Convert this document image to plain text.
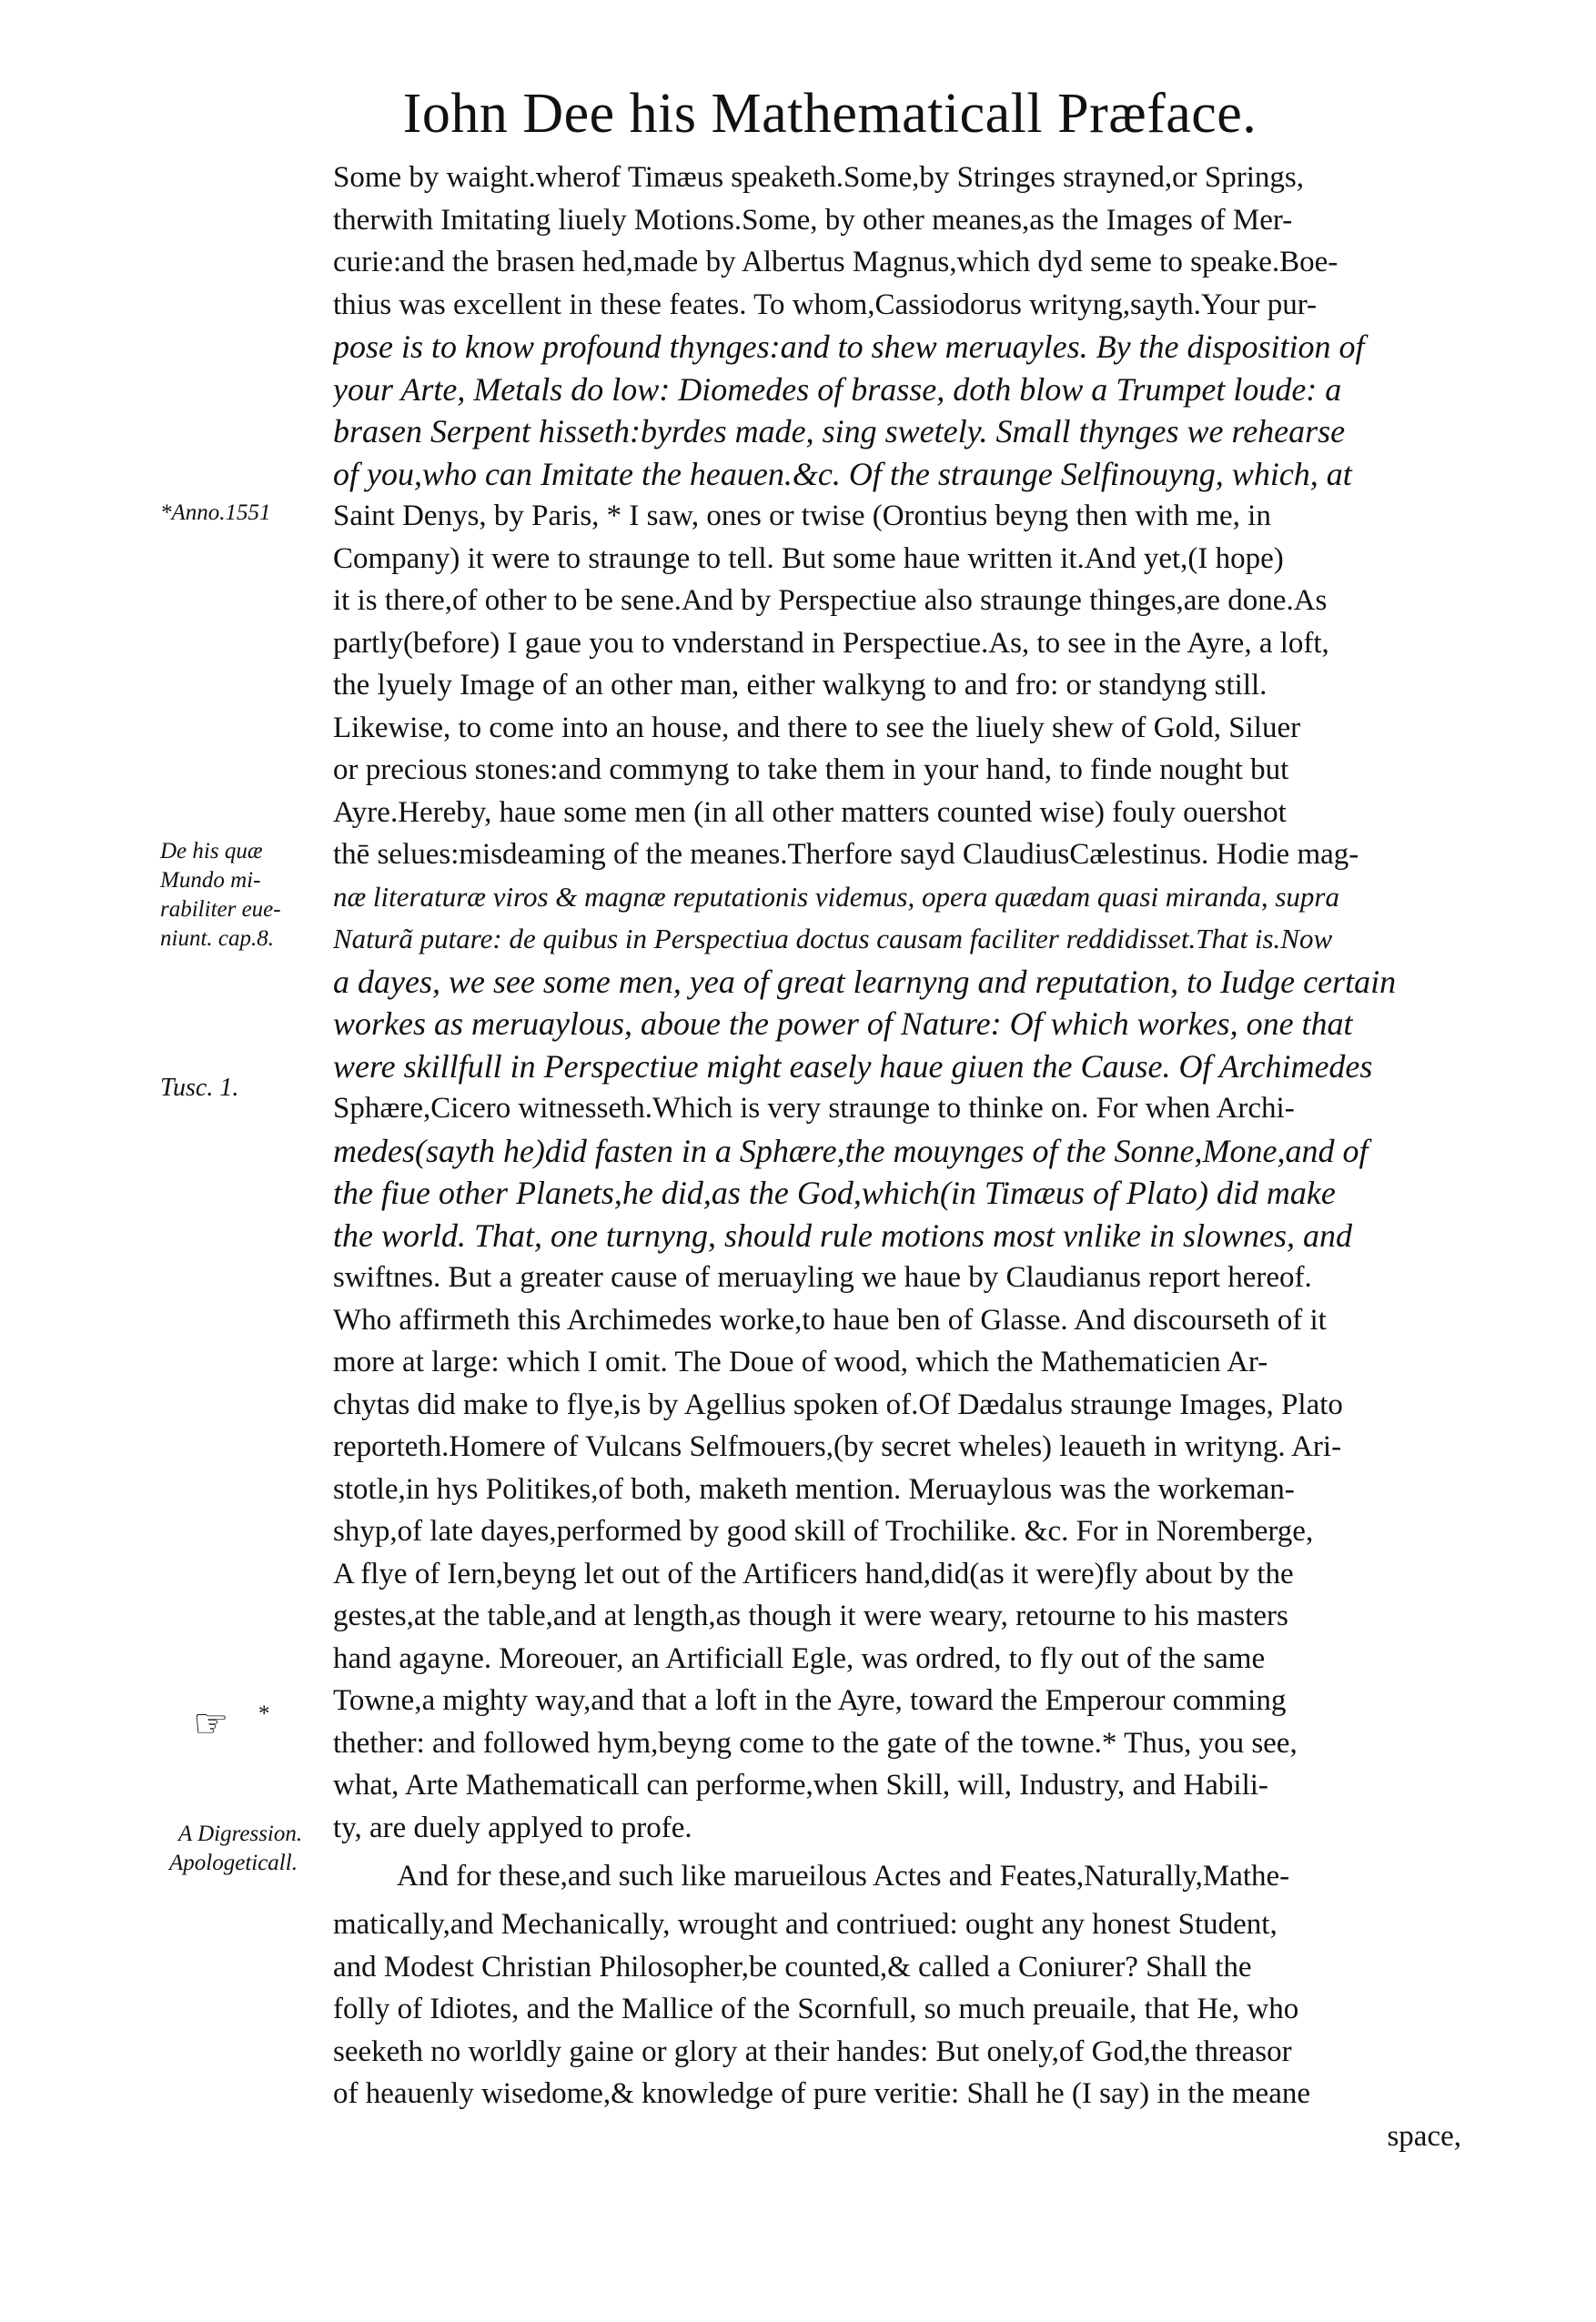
Iohn Dee his Mathematicall Præface.
Some by waight.wherof Timæus speaketh.Some,by Stringes strayned,or Springs,
therwith Imitating liuely Motions.Some, by other meanes,as the Images of Mer-
curie:and the brasen hed,made by Albertus Magnus,which dyd seme to speake.Boe-
thius was excellent in these feates. To whom,Cassiodorus writyng,sayth.Your pur-
pose is to know profound thynges:and to shew meruayles. By the disposition of
your Arte, Metals do low: Diomedes of brasse, doth blow a Trumpet loude: a
brasen Serpent hisseth:byrdes made, sing swetely. Small thynges we rehearse
of you,who can Imitate the heauen.&c. Of the straunge Selfinouyng, which, at
Saint Denys, by Paris, * I saw, ones or twise (Orontius beyng then with me, in
Company) it were to straunge to tell. But some haue written it.And yet,(I hope)
it is there,of other to be sene.And by Perspectiue also straunge thinges,are done.As
partly(before) I gaue you to vnderstand in Perspectiue.As, to see in the Ayre, a loft,
the lyuely Image of an other man, either walkyng to and fro: or standyng still.
Likewise, to come into an house, and there to see the liuely shew of Gold, Siluer
or precious stones:and commyng to take them in your hand, to finde nought but
Ayre.Hereby, haue some men (in all other matters counted wise) fouly ouershot
thē selues:misdeaming of the meanes.Therfore sayd ClaudiusCælestinus. Hodie mag-
næ literaturæ viros & magnæ reputationis videmus, opera quædam quasi miranda, supra
Naturã putare: de quibus in Perspectiua doctus causam faciliter reddidisset.That is.Now
a dayes, we see some men, yea of great learnyng and reputation, to Iudge certain
workes as meruaylous, aboue the power of Nature: Of which workes, one that
were skillfull in Perspectiue might easely haue giuen the Cause. Of Archimedes
Sphære,Cicero witnesseth.Which is very straunge to thinke on. For when Archi-
medes(sayth he)did fasten in a Sphære,the mouynges of the Sonne,Mone,and of
the fiue other Planets,he did,as the God,which(in Timæus of Plato) did make
the world. That, one turnyng, should rule motions most vnlike in slownes, and
swiftnes. But a greater cause of meruayling we haue by Claudianus report hereof.
Who affirmeth this Archimedes worke,to haue ben of Glasse. And discourseth of it
more at large: which I omit. The Doue of wood, which the Mathematicien Ar-
chytas did make to flye,is by Agellius spoken of.Of Dædalus straunge Images, Plato
reporteth.Homere of Vulcans Selfmouers,(by secret wheles) leaueth in writyng. Ari-
stotle,in hys Politikes,of both, maketh mention. Meruaylous was the workeman-
shyp,of late dayes,performed by good skill of Trochilike. &c. For in Noremberge,
A flye of Iern,beyng let out of the Artificers hand,did(as it were)fly about by the
gestes,at the table,and at length,as though it were weary, retourne to his masters
hand agayne. Moreouer, an Artificiall Egle, was ordred, to fly out of the same
Towne,a mighty way,and that a loft in the Ayre, toward the Emperour comming
thether: and followed hym,beyng come to the gate of the towne.* Thus, you see,
what, Arte Mathematicall can performe,when Skill, will, Industry, and Habili-
ty, are duely applyed to profe.
And for these,and such like marueilous Actes and Feates,Naturally,Mathe-
matically,and Mechanically, wrought and contriued: ought any honest Student,
and Modest Christian Philosopher,be counted,& called a Coniurer? Shall the
folly of Idiotes, and the Mallice of the Scornfull, so much preuaile, that He, who
seeketh no worldly gaine or glory at their handes: But onely,of God,the threasor
of heauenly wisedome,& knowledge of pure veritie: Shall he (I say) in the meane
space,
*Anno.1551
De his quæ
Mundo mi-
rabiliter eue-
niunt. cap.8.
Tusc. 1.
☞	*
A Digression.
Apologeticall.
